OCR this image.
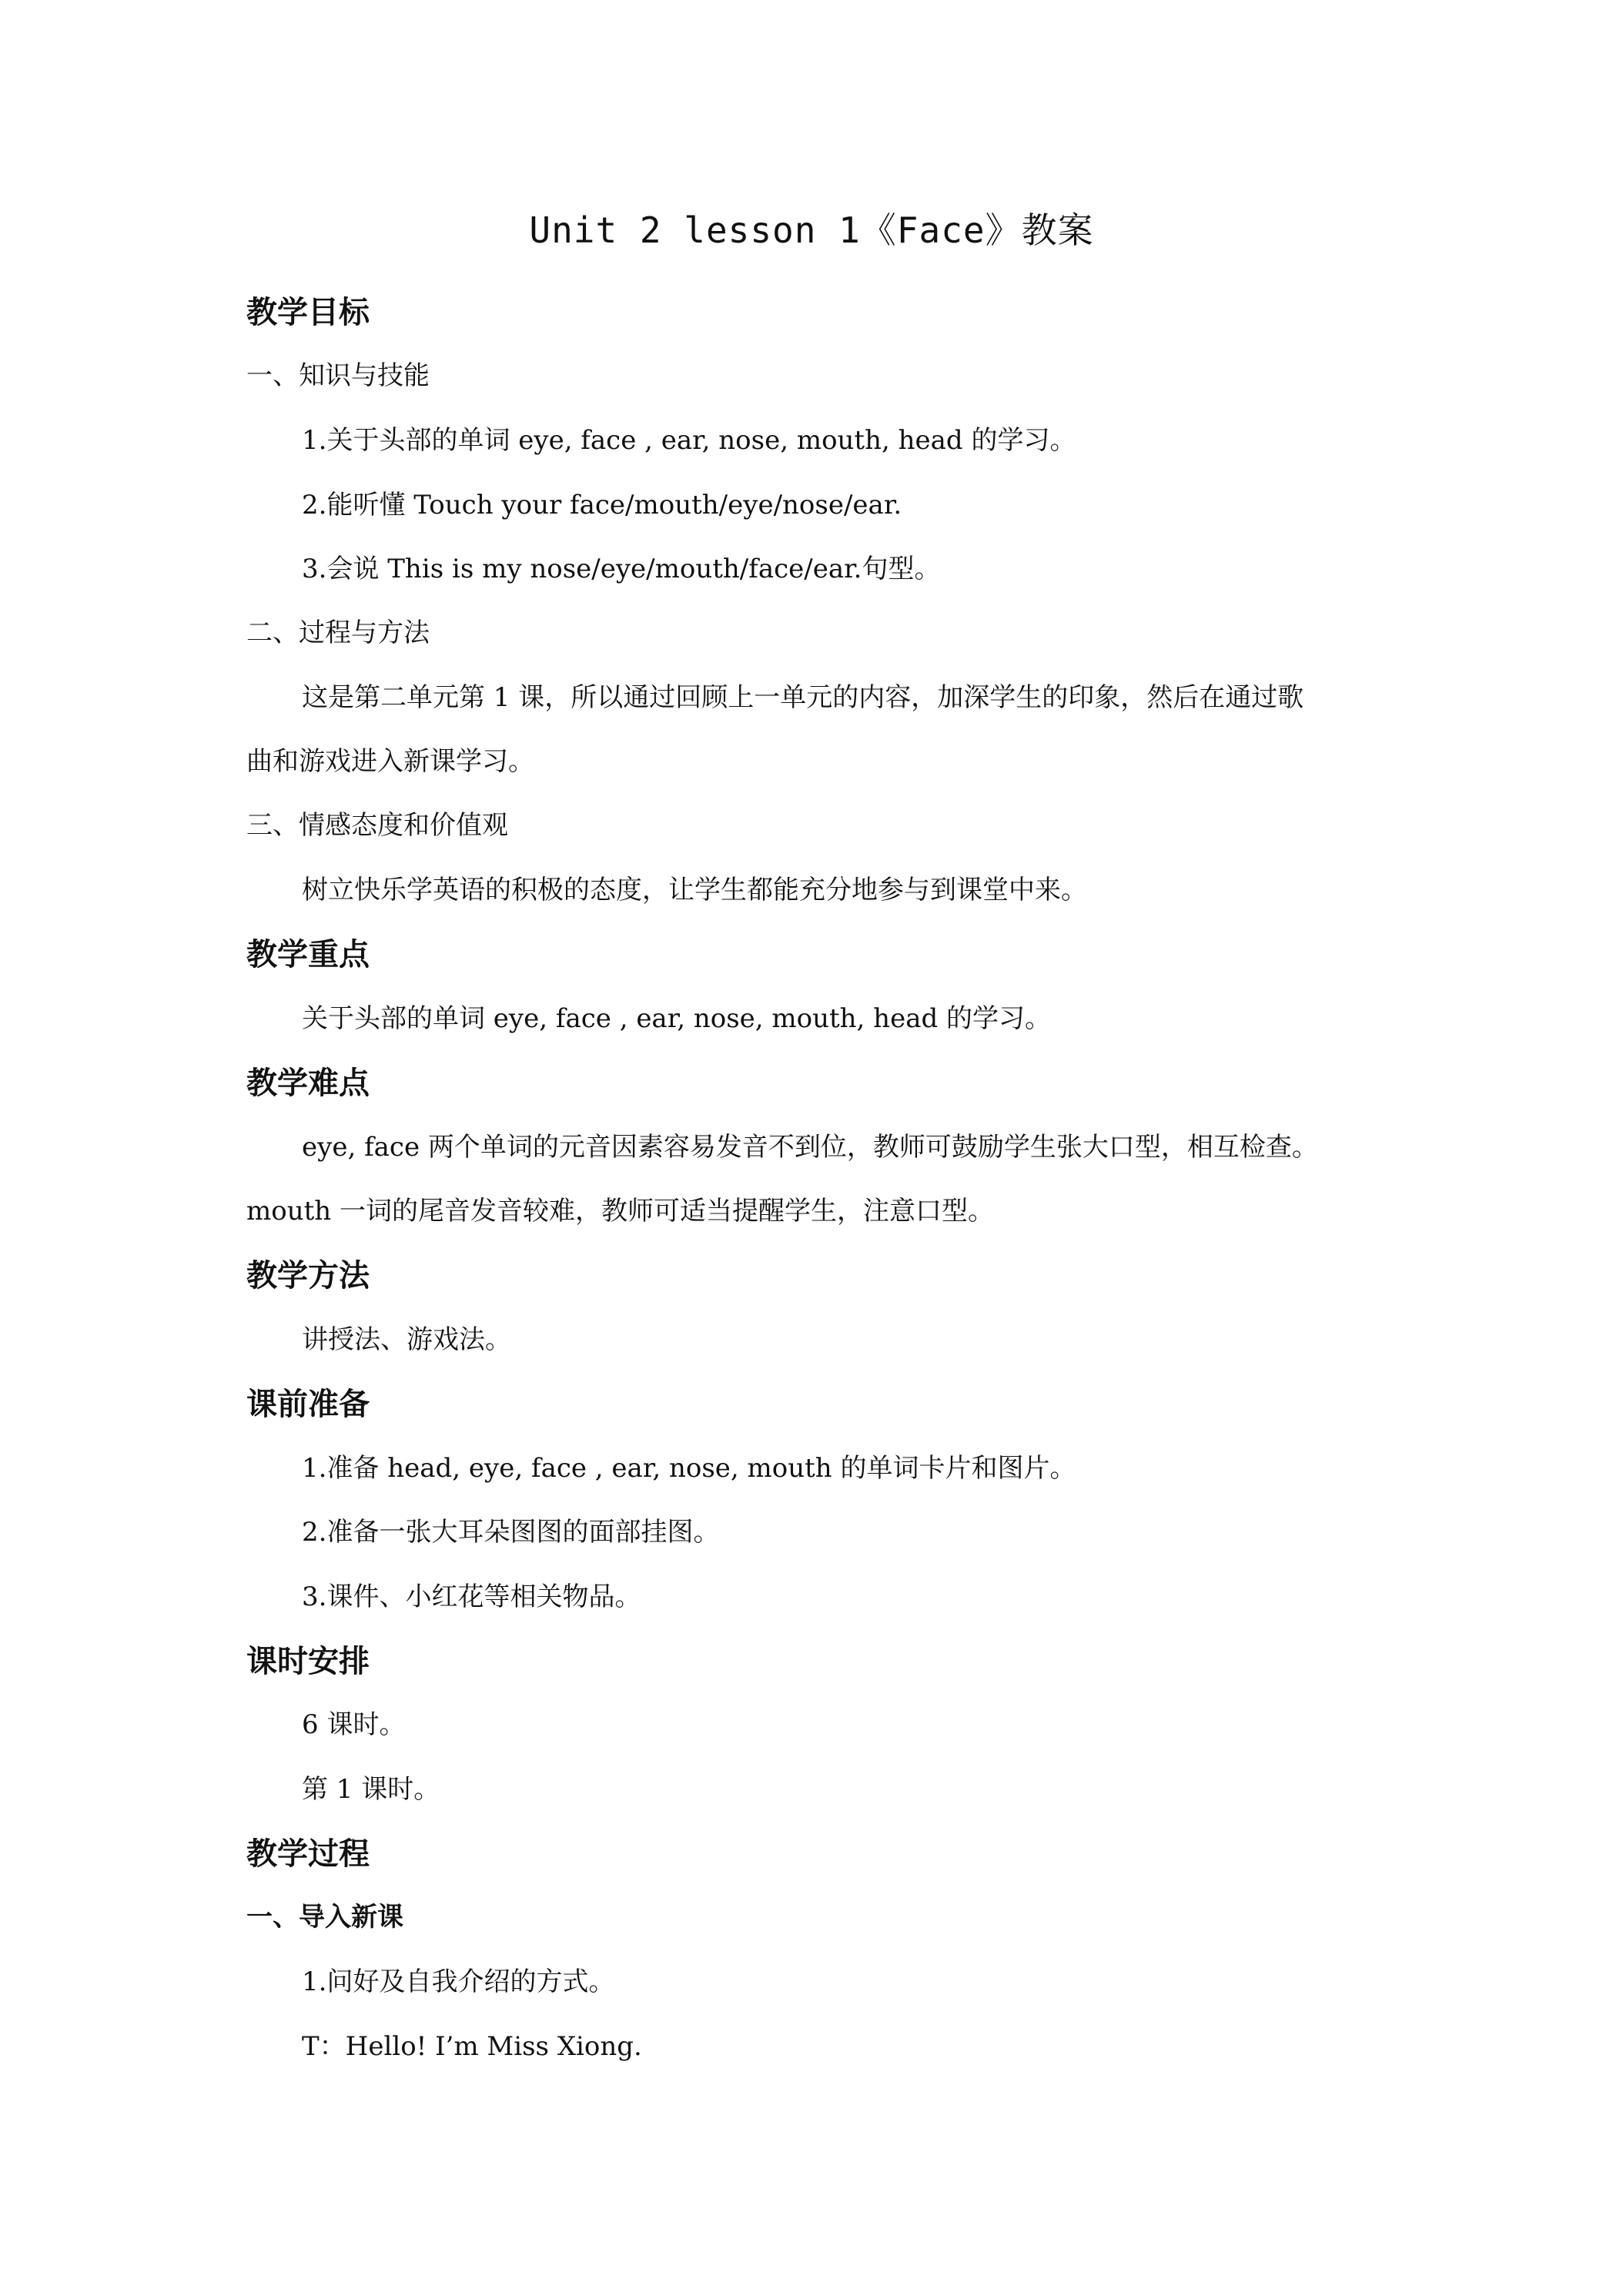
Unit 2 lesson 1《Face》教案
教学目标
一、知识与技能
1.关于头部的单词 eye, face , ear, nose, mouth, head 的学习。
2.能听懂 Touch your face/mouth/eye/nose/ear.
3.会说 This is my nose/eye/mouth/face/ear.句型。
二、过程与方法
这是第二单元第 1 课，所以通过回顾上一单元的内容，加深学生的印象，然后在通过歌
曲和游戏进入新课学习。
三、情感态度和价值观
树立快乐学英语的积极的态度，让学生都能充分地参与到课堂中来。
教学重点
关于头部的单词 eye, face , ear, nose, mouth, head 的学习。
教学难点
eye, face 两个单词的元音因素容易发音不到位，教师可鼓励学生张大口型，相互检查。
mouth 一词的尾音发音较难，教师可适当提醒学生，注意口型。
教学方法
讲授法、游戏法。
课前准备
1.准备 head, eye, face , ear, nose, mouth 的单词卡片和图片。
2.准备一张大耳朵图图的面部挂图。
3.课件、小红花等相关物品。
课时安排
6 课时。
第 1 课时。
教学过程
一、导入新课
1.问好及自我介绍的方式。
T：Hello! I’m Miss Xiong.
